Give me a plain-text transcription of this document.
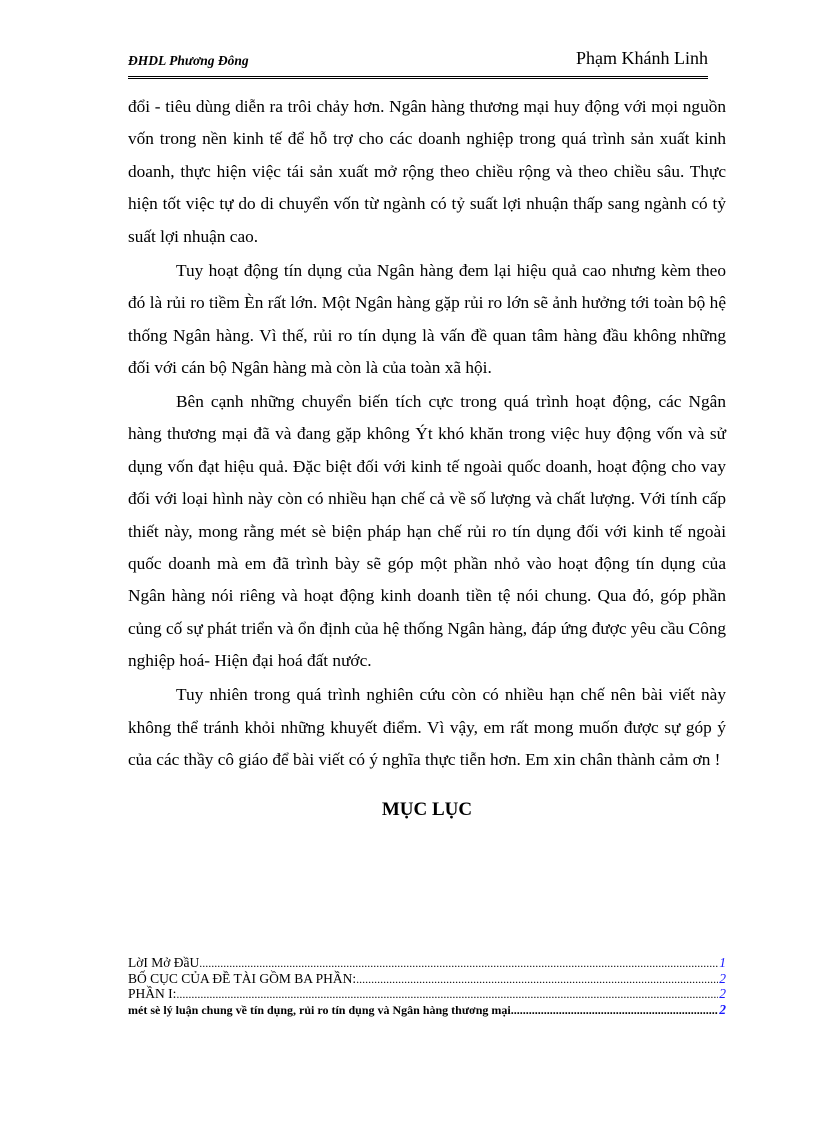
ĐHDL Phương Đông	Phạm Khánh Linh

đổi - tiêu dùng diễn ra trôi chảy hơn. Ngân hàng thương mại huy động với mọi nguồn vốn trong nền kinh tế để hỗ trợ cho các doanh nghiệp trong quá trình sản xuất kinh doanh, thực hiện việc tái sản xuất mở rộng theo chiều rộng và theo chiều sâu. Thực hiện tốt việc tự do di chuyển vốn từ ngành có tỷ suất lợi nhuận thấp sang ngành có tỷ suất lợi nhuận cao.

Tuy hoạt động tín dụng của Ngân hàng đem lại hiệu quả cao nhưng kèm theo đó là rủi ro tiềm Èn rất lớn. Một Ngân hàng gặp rủi ro lớn sẽ ảnh hưởng tới toàn bộ hệ thống Ngân hàng. Vì thế, rủi ro tín dụng là vấn đề quan tâm hàng đầu không những đối với cán bộ Ngân hàng mà còn là của toàn xã hội.

Bên cạnh những chuyển biến tích cực trong quá trình hoạt động, các Ngân hàng thương mại đã và đang gặp không Ýt khó khăn trong việc huy động vốn và sử dụng vốn đạt hiệu quả. Đặc biệt đối với kinh tế ngoài quốc doanh, hoạt động cho vay đối với loại hình này còn có nhiều hạn chế cả về số lượng và chất lượng. Với tính cấp thiết này, mong rằng mét sè biện pháp hạn chế rủi ro tín dụng đối với kinh tế ngoài quốc doanh mà em đã trình bày sẽ góp một phần nhỏ vào hoạt động tín dụng của Ngân hàng nói riêng và hoạt động kinh doanh tiền tệ nói chung. Qua đó, góp phần củng cố sự phát triển và ổn định của hệ thống Ngân hàng, đáp ứng được yêu cầu Công nghiệp hoá- Hiện đại hoá đất nước.

Tuy nhiên trong quá trình nghiên cứu còn có nhiều hạn chế nên bài viết này không thể tránh khỏi những khuyết điểm. Vì vậy, em rất mong muốn được sự góp ý của các thầy cô giáo để bài viết có ý nghĩa thực tiễn hơn. Em xin chân thành cảm ơn !

MỤC LỤC
LờI Mở ĐầU .....	1
BỐ CỤC CỦA ĐỀ TÀI GỒM BA PHẦN: .....	2
PHẦN I: .....	2
mét sè lý luận chung về tín dụng, rủi ro tín dụng và Ngân hàng thương mại .....	2
